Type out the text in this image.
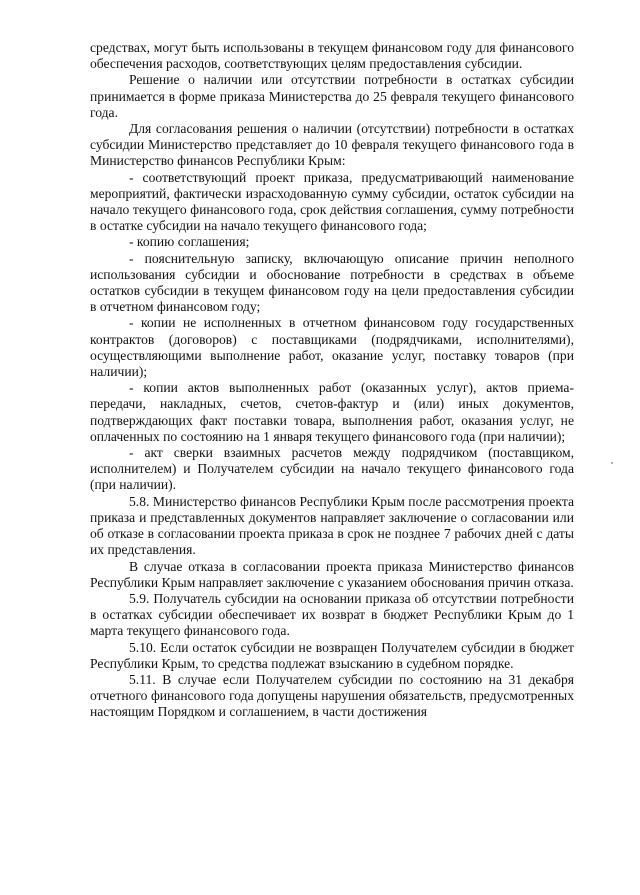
средствах, могут быть использованы в текущем финансовом году для финансового обеспечения расходов, соответствующих целям предоставления субсидии.

Решение о наличии или отсутствии потребности в остатках субсидии принимается в форме приказа Министерства до 25 февраля текущего финансового года.

Для согласования решения о наличии (отсутствии) потребности в остатках субсидии Министерство представляет до 10 февраля текущего финансового года в Министерство финансов Республики Крым:

- соответствующий проект приказа, предусматривающий наименование мероприятий, фактически израсходованную сумму субсидии, остаток субсидии на начало текущего финансового года, срок действия соглашения, сумму потребности в остатке субсидии на начало текущего финансового года;

- копию соглашения;

- пояснительную записку, включающую описание причин неполного использования субсидии и обоснование потребности в средствах в объеме остатков субсидии в текущем финансовом году на цели предоставления субсидии в отчетном финансовом году;

- копии не исполненных в отчетном финансовом году государственных контрактов (договоров) с поставщиками (подрядчиками, исполнителями), осуществляющими выполнение работ, оказание услуг, поставку товаров (при наличии);

- копии актов выполненных работ (оказанных услуг), актов приема-передачи, накладных, счетов, счетов-фактур и (или) иных документов, подтверждающих факт поставки товара, выполнения работ, оказания услуг, не оплаченных по состоянию на 1 января текущего финансового года (при наличии);

- акт сверки взаимных расчетов между подрядчиком (поставщиком, исполнителем) и Получателем субсидии на начало текущего финансового года (при наличии).

5.8. Министерство финансов Республики Крым после рассмотрения проекта приказа и представленных документов направляет заключение о согласовании или об отказе в согласовании проекта приказа в срок не позднее 7 рабочих дней с даты их представления.

В случае отказа в согласовании проекта приказа Министерство финансов Республики Крым направляет заключение с указанием обоснования причин отказа.

5.9. Получатель субсидии на основании приказа об отсутствии потребности в остатках субсидии обеспечивает их возврат в бюджет Республики Крым до 1 марта текущего финансового года.

5.10. Если остаток субсидии не возвращен Получателем субсидии в бюджет Республики Крым, то средства подлежат взысканию в судебном порядке.

5.11. В случае если Получателем субсидии по состоянию на 31 декабря отчетного финансового года допущены нарушения обязательств, предусмотренных настоящим Порядком и соглашением, в части достижения
